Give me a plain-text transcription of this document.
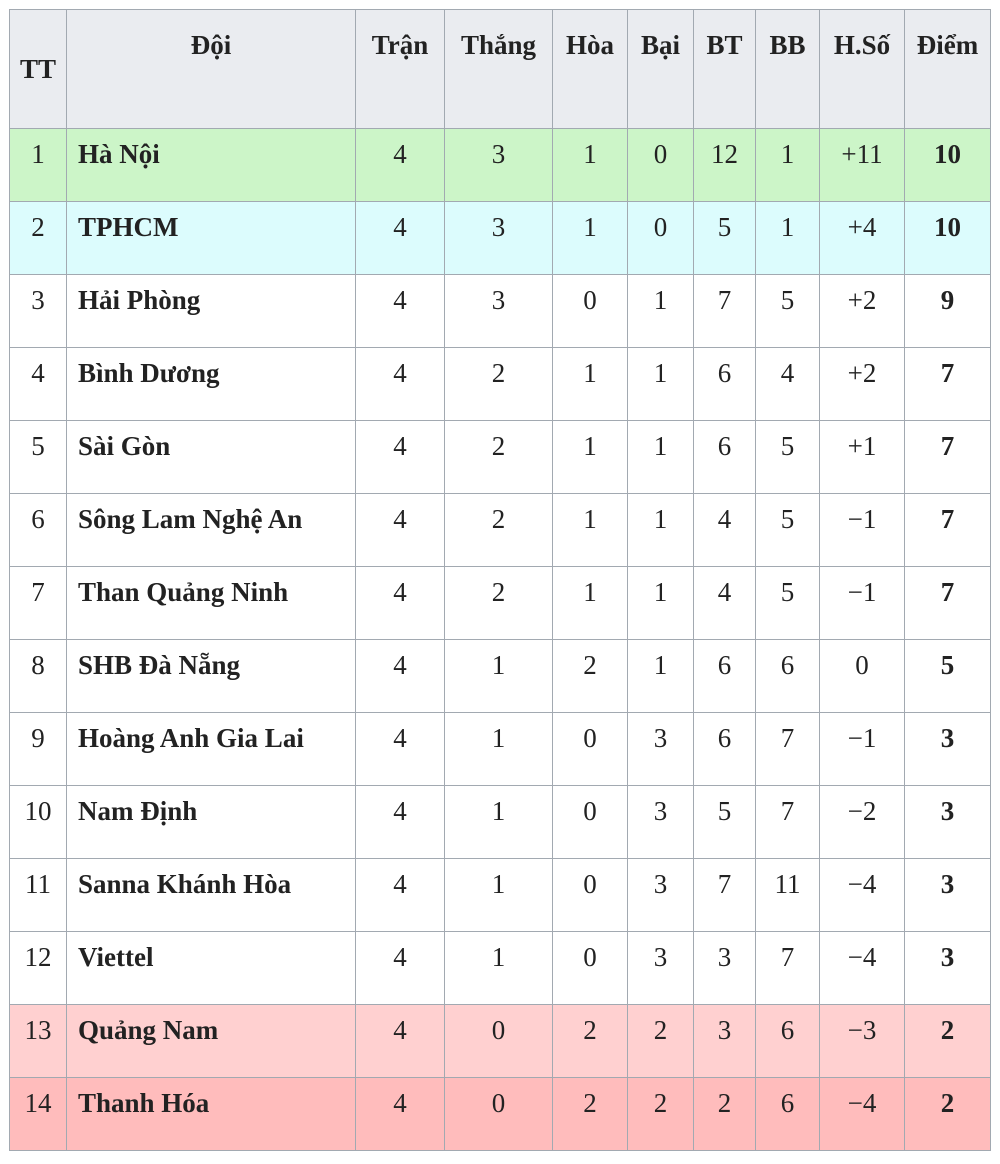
TT	Đội	Trận	Thắng	Hòa	Bại	BT	BB	H.Số	Điểm
1	Hà Nội	4	3	1	0	12	1	+11	10
2	TPHCM	4	3	1	0	5	1	+4	10
3	Hải Phòng	4	3	0	1	7	5	+2	9
4	Bình Dương	4	2	1	1	6	4	+2	7
5	Sài Gòn	4	2	1	1	6	5	+1	7
6	Sông Lam Nghệ An	4	2	1	1	4	5	−1	7
7	Than Quảng Ninh	4	2	1	1	4	5	−1	7
8	SHB Đà Nẵng	4	1	2	1	6	6	0	5
9	Hoàng Anh Gia Lai	4	1	0	3	6	7	−1	3
10	Nam Định	4	1	0	3	5	7	−2	3
11	Sanna Khánh Hòa	4	1	0	3	7	11	−4	3
12	Viettel	4	1	0	3	3	7	−4	3
13	Quảng Nam	4	0	2	2	3	6	−3	2
14	Thanh Hóa	4	0	2	2	2	6	−4	2
